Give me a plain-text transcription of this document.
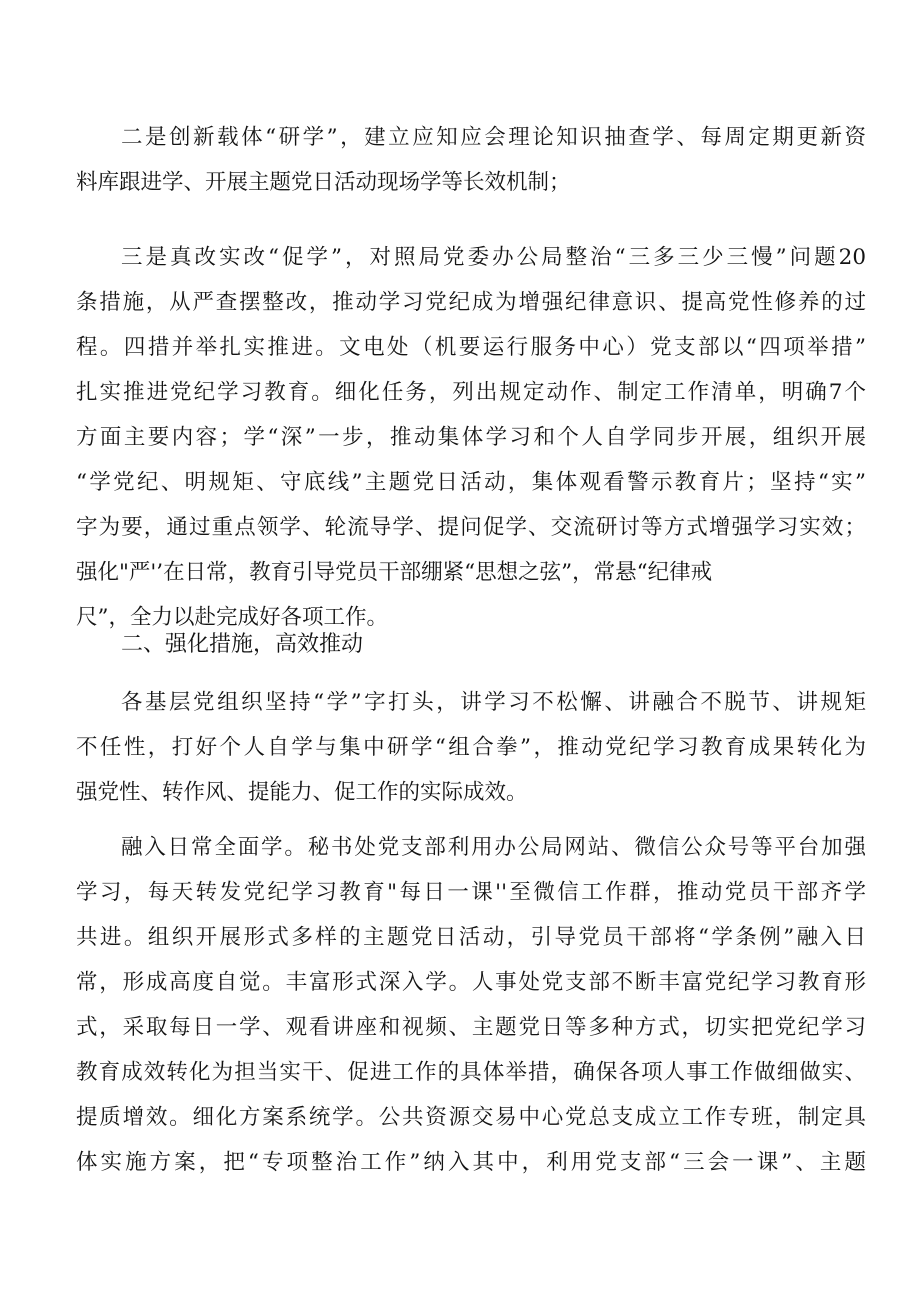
二是创新载体“研学”，建立应知应会理论知识抽查学、每周定期更新资
料库跟进学、开展主题党日活动现场学等长效机制；
三是真改实改“促学”，对照局党委办公局整治“三多三少三慢”问题20
条措施，从严查摆整改，推动学习党纪成为增强纪律意识、提高党性修养的过
程。四措并举扎实推进。文电处（机要运行服务中心）党支部以“四项举措”
扎实推进党纪学习教育。细化任务，列出规定动作、制定工作清单，明确7个
方面主要内容；学“深”一步，推动集体学习和个人自学同步开展，组织开展
“学党纪、明规矩、守底线”主题党日活动，集体观看警示教育片；坚持“实”
字为要，通过重点领学、轮流导学、提问促学、交流研讨等方式增强学习实效；
强化"严'’在日常，教育引导党员干部绷紧“思想之弦”，常悬“纪律戒
尺”，全力以赴完成好各项工作。
二、强化措施，高效推动
各基层党组织坚持“学”字打头，讲学习不松懈、讲融合不脱节、讲规矩
不任性，打好个人自学与集中研学“组合拳”，推动党纪学习教育成果转化为
强党性、转作风、提能力、促工作的实际成效。
融入日常全面学。秘书处党支部利用办公局网站、微信公众号等平台加强
学习，每天转发党纪学习教育"每日一课''至微信工作群，推动党员干部齐学
共进。组织开展形式多样的主题党日活动，引导党员干部将“学条例”融入日
常，形成高度自觉。丰富形式深入学。人事处党支部不断丰富党纪学习教育形
式，采取每日一学、观看讲座和视频、主题党日等多种方式，切实把党纪学习
教育成效转化为担当实干、促进工作的具体举措，确保各项人事工作做细做实、
提质增效。细化方案系统学。公共资源交易中心党总支成立工作专班，制定具
体实施方案，把“专项整治工作”纳入其中，利用党支部“三会一课”、主题
